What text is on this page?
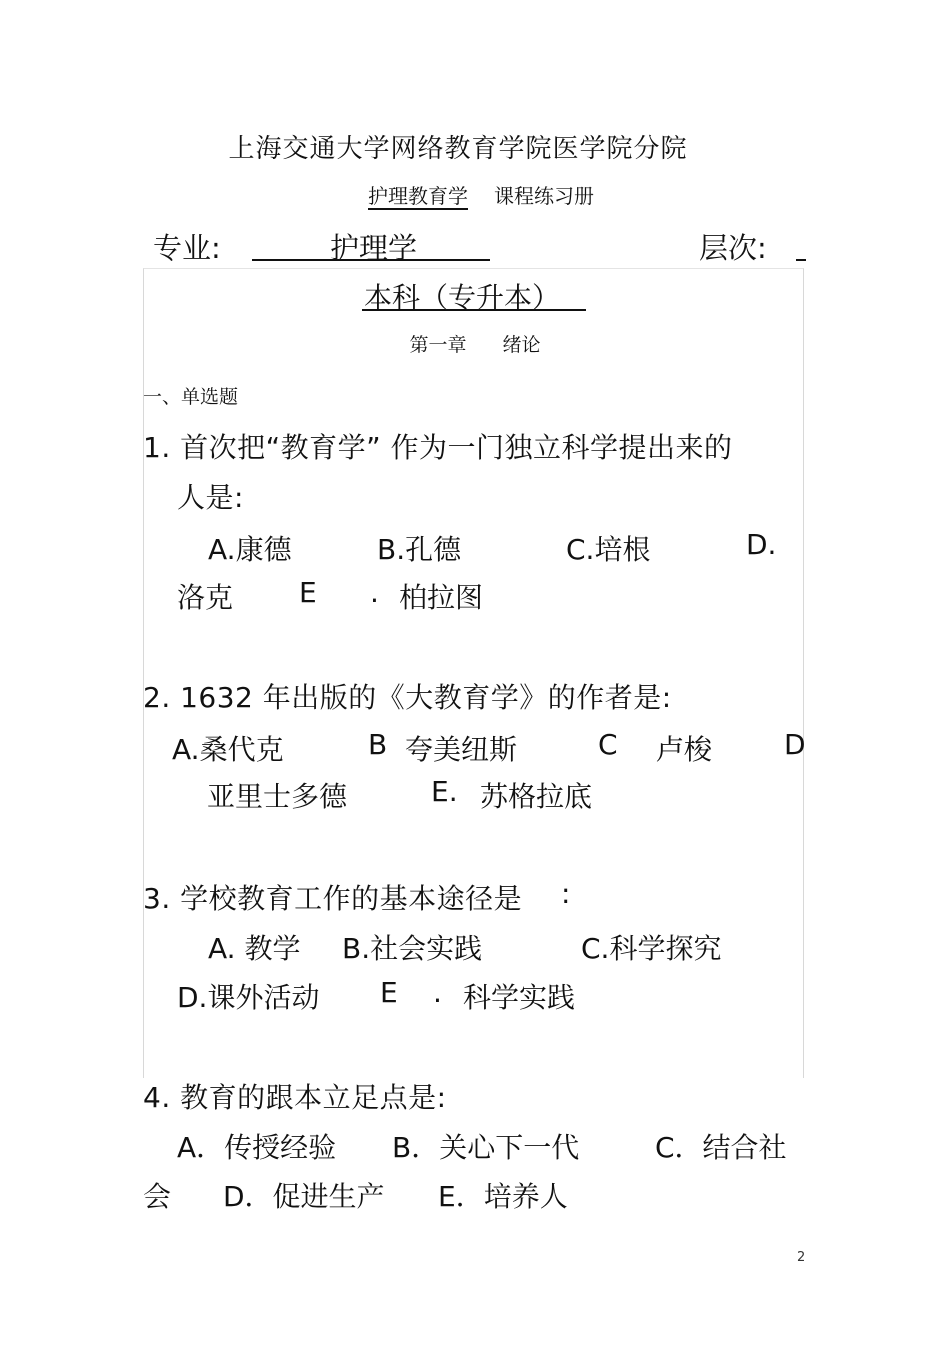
上海交通大学网络教育学院医学院分院
护理教育学 课程练习册
专业:	护理学	层次:
本科（专升本）
第一章 绪论
一、单选题
1. 首次把“教育学” 作为一门独立科学提出来的
人是:
A.康德	B.孔德	C.培根	D.
洛克 E . 柏拉图
2. 1632 年出版的《大教育学》的作者是:
A.桑代克	B 夸美纽斯	C 卢梭	D
亚里士多德	E. 苏格拉底
3. 学校教育工作的基本途径是 :
A. 教学 B.社会实践	C.科学探究
D.课外活动 E . 科学实践
4. 教育的跟本立足点是:
A．传授经验 B．关心下一代	C．结合社
会 D．促进生产 E．培养人
2
